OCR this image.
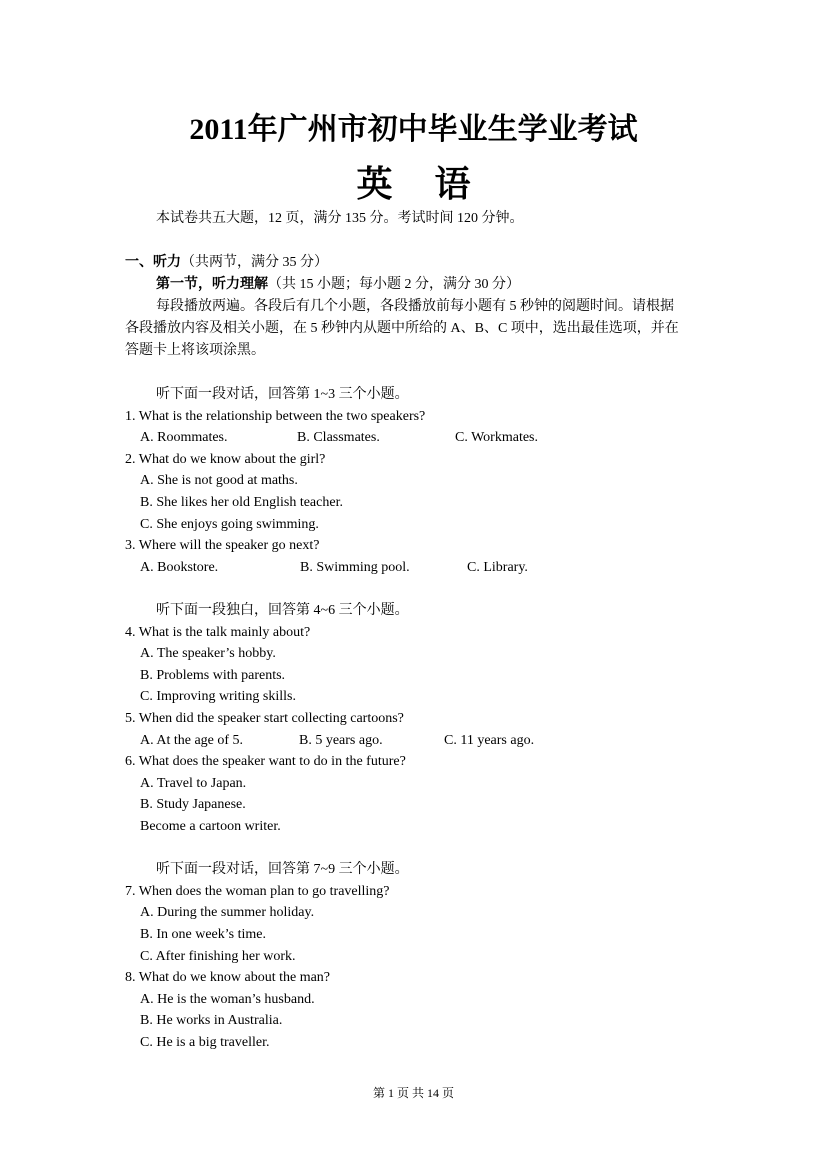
2011年广州市初中毕业生学业考试
英语
本试卷共五大题，12 页，满分 135 分。考试时间 120 分钟。
一、听力（共两节，满分 35 分）
第一节，听力理解（共 15 小题；每小题 2 分，满分 30 分）
每段播放两遍。各段后有几个小题，各段播放前每小题有 5 秒钟的阅题时间。请根据
各段播放内容及相关小题，在 5 秒钟内从题中所给的 A、B、C 项中，选出最佳选项，并在
答题卡上将该项涂黑。
听下面一段对话，回答第 1~3 三个小题。
1. What is the relationship between the two speakers?
A. Roommates.	B. Classmates.	C. Workmates.
2. What do we know about the girl?
A. She is not good at maths.
B. She likes her old English teacher.
C. She enjoys going swimming.
3. Where will the speaker go next?
A. Bookstore.	B. Swimming pool.	C. Library.
听下面一段独白，回答第 4~6 三个小题。
4. What is the talk mainly about?
A. The speaker’s hobby.
B. Problems with parents.
C. Improving writing skills.
5. When did the speaker start collecting cartoons?
A. At the age of 5.	B. 5 years ago.	C. 11 years ago.
6. What does the speaker want to do in the future?
A. Travel to Japan.
B. Study Japanese.
Become a cartoon writer.
听下面一段对话，回答第 7~9 三个小题。
7. When does the woman plan to go travelling?
A. During the summer holiday.
B. In one week’s time.
C. After finishing her work.
8. What do we know about the man?
A. He is the woman’s husband.
B. He works in Australia.
C. He is a big traveller.
第 1 页 共 14 页
